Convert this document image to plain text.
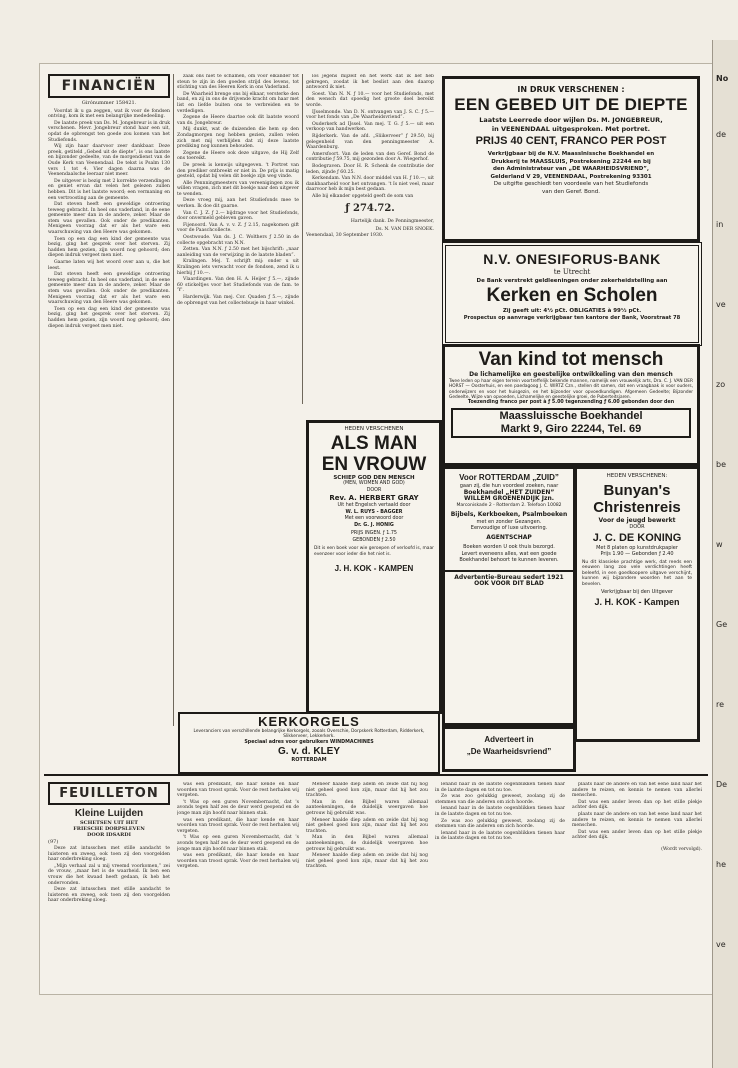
No
de
in
ve
zo
be
w
Ge
re
De
he
ve
FINANCIËN
Girónummer 158421.

Voordat ik u ga zeggen, wat ik voor de fondsen ontving, kom ik met een belangrijke mededeeling.

De laatste preek van Ds. M. Jongebreur is in druk verschenen. Mevr. Jongebreur stond haar een uit, opdat de opbrengst ten goede zou komen van het Studiefonds.

Wij zijn haar daarvoor zeer dankbaar. Deze preek, getiteld „Gebed uit de diepte”, is ons laatste en bijzonder gedeelte, van de morgendienst van de Oude Kerk van Veenendaal. De tekst is Psalm 130 vers 1 tot 4. Vier dagen daarna was de Veenendaalsche leeraar niet meer.

De uitgever is bezig met 2 korrekte verzendingen en geniet ervan dat velen het gelezen zullen hebben. Dit is het laatste woord; een vermaning en een vertroosting aan de gemeente.

Dat steven heeft een geweldige ontroering teweeg gebracht. In heel ons vaderland, in de eene gemeente meer dan in de andere, zeker. Maar de stem was gevallen. Ook onder de predikanten. Menigeen voorzag dat er als het ware een waarschuwing van den Heere was gekomen.

Toen op een dag een kind der gemeente was bezig, ging het gesprek over het sterven. Zij hadden hem gezien, zijn woord nog gehoord; den diepen indruk vergeet men niet.

Gaarne laten wij het woord over aan u, die het leest.

Dat steven heeft een geweldige ontroering teweeg gebracht. In heel ons vaderland, in de eene gemeente meer dan in de andere, zeker. Maar de stem was gevallen. Ook onder de predikanten. Menigeen voorzag dat er als het ware een waarschuwing van den Heere was gekomen.

Toen op een dag een kind der gemeente was bezig, ging het gesprek over het sterven. Zij hadden hem gezien, zijn woord nog gehoord; den diepen indruk vergeet men niet.

zaak ons niet te schamen, om voor elkander tot steun te zijn in den goeden strijd des levens, tot stichting van des Heeren Kerk in ons Vaderland.

De Waarheid brenge ons bij elkaar, versterke den band, en zij in ons de drijvende kracht om haar met list en liefde buiten ons te verbreiden en te verdedigen.

Zegene de Heere daartoe ook dit laatste woord van ds. Jongebreur.

Mij dunkt, wat de duizenden die hem op den Zondagmorgen nog hebben gezien, zullen velen zich met mij verblijden dat zij deze laatste prediking nog kunnen behouden.

Zegene de Heere ook deze uitgave, de Hij Zelf ons toereikt.

De preek is kenwijs uitgegeven. 't Portret van den prediker ontbreekt er niet in. De prijs is matig gesteld, opdat bij velen dit boekje zijn weg vinde.

Alle Pennningmeesters van vereenigingen zou ik willen vragen, zich met dit boekje naar den uitgever te wenden.

Deze vroeg mij, aan het Studiefonds mee te werken. Ik doe dit gaarne.

Van C. J. Z. ƒ 2.— bijdrage voor het Studiefonds, door onvermeld gebleven gaven.

Fijenoord. Van A. v. v. Z. ƒ 2.15, nagekomen gift voor de Paaschcollecte.

Oostwoude. Van ds. J. C. Wolthers ƒ 2.50 in de collecte opgebracht van N.N.

Zetten. Van N.N. ƒ 2.50 met het bijschrift: „naar aanleiding van de verwijzing in de laatste bladen”.

Kralingen. Mej. T. schrijft mij: onder u uit Kralingen iets verwacht voor de fondsen, zend ik u hierbij ƒ 10.—.

Vlaardingen. Van den H. A. Heijer ƒ 5.—, zijnde 60 stickeltjes voor het Studiefonds van de fam. te 'Y'.

Harderwijk. Van mej. Cor. Quaden ƒ 5.—, zijnde de opbrengst van het collectebusje in haar winkel.

los jegens mijzelf en het werk dat ik lief heb gekregen, zoodat ik het beslist aan den daarop antwoord ik niet.

Soest. Van N. N. ƒ 10.— voor het Studiefonds, met den wensch dat spoedig het groote doel bereikt worde.

IJsselmonde. Van D. N. ontvangen van J. S. C. ƒ 5.— voor het fonds van „De Waarheidsvriend”.

Ouderkerk ad IJssel. Van mej. T. G. ƒ 5.— uit een verkoop van handwerken.

Rijderkerk. Van de afd. „Sliikerveer” ƒ 29.50, bij gelegenheid van den penningmeester A. Waardenburg.

Amersfoort. Van de leden van den Geref. Bond de contributie ƒ 59.75, mij gezonden door A. Wiegerhof.

Bodegraven. Door H. R. Schenk de contributie der leden, zijnde ƒ 60.25.

Kerkendam. Van N.N. door middel van H. ƒ 10.—, uit dankbaarheid voor het ontvangen. 't Is niet veel, maar daarvoor heb ik mijn best gedaan.

Alle bij elkander opgeteld geeft de som van

ƒ 274.72.
Hartelijk dank. De Penningmeester,
Ds. N. VAN DER SNOEK.
Veenendaal, 30 September 1930.

IN DRUK VERSCHENEN :

EEN GEBED UIT DE DIEPTE

Laatste Leerrede door wijlen Ds. M. JONGEBREUR,

in VEENENDAAL uitgesproken. Met portret.

PRIJS 40 CENT, FRANCO PER POST

Verkrijgbaar bij de N.V. Maasslnissche Boekhandel en

Drukkerij te MAASSLUIS, Postrekening 22244 en bij

den Administrateur van „DE WAARHEIDSVRIEND”,

Gelderland V 29, VEENENDAAL, Postrekening 93301

De uitgifte geschiedt ten voordeele van het Studiefonds

van den Geref. Bond.

N.V. ONESIFORUS-BANK

te Utrecht

De Bank verstrekt geldleeningen onder zekerheidstelling aan

Kerken en Scholen

Zij geeft uit: 4½ pCt. OBLIGATIES à 99½ pCt.

Prospectus op aanvrage verkrijgbaar ten kantore der Bank, Voorstraat 78

Van kind tot mensch

De lichamelijke en geestelijke ontwikkeling van den mensch

Twee leden op haar eigen terrein voortreffelijk bekende mannen, namelijk een vrouwelijk arts, Dra. C. J. VAN DER HORST — Oosterhuis, en een paedagoog J. C. WIRTZ Czn., stellen dit samen, dat een vraagbaak is voor ouders, onderwijzers en voor het huisgezin, en het bijzonder voor opvoedkundigen. Afgemeen Gedeelte; Bijzonder Gedeelte, Wijze van opvoeden, Lichamelijke en geestelijke groei, de Puberteitsjaren.

Toezending franco per post à ƒ 5.00 tegenzending ƒ 6.00 gebonden door den

Maassluissche Boekhandel

Markt 9, Giro 22244, Tel. 69

Voor ROTTERDAM „ZUID”

gaan zij, die hun voordeel zoeken, naar

Boekhandel „HET ZUIDEN”

WILLEM GROENENDIJK Jzn.

Marconiskade 2 - Rotterdam 2. Telefoon 10082

Bijbels, Kerkboeken, Psalmboeken

met en zonder Gezangen.

Eenvoudige of luxe uitvoering.

AGENTSCHAP

Boeken worden U ook thuis bezorgd.

Levert eveneens alles, wat een goede

Boekhandel behoort te kunnen leveren.

Advertentie-Bureau sedert 1921

OOK VOOR DIT BLAD

HEDEN VERSCHENEN:

Bunyan's

Christenreis

Voor de jeugd bewerkt

DOOR

J. C. DE KONING

Met 8 platen op kunstdrukpapier

Prijs 1.90 — Gebonden ƒ 2.40

Nu dit klassieke prachtige werk, dat reeds een eeuwen lang zoo vele verdichtingen heeft beleefd, in een goedkoopere uitgave verschijnt, kunnen wij bijzondere woorden het aan te bevelen.

Verkrijgbaar bij den Uitgever

J. H. KOK - Kampen

HEDEN VERSCHENEN

ALS MAN

EN VROUW

SCHIEP GOD DEN MENSCH

(MEN, WOMEN AND GOD)

DOOR

Rev. A. HERBERT GRAY

Uit het Engelsch vertaald door

W. L. RUYS - BAGGER

Met een voorwoord door

Dr. G. J. HONIG

PRIJS INGEN. ƒ 1.75

GEBONDEN ƒ 2.50

Dit is een boek voor wie geroepen of verloofd is, maar evenzeer voor ieder die het niet is.

J. H. KOK - KAMPEN

KERKORGELS

Leveranciers van verschillende belangrijke Kerkorgels, zooals Overschie, Dorpskerk Rotterdam, Ridderkerk, Slikkerveer, Lekkerkerk.

Speciaal adres voor gebruikers WINDMACHINES

G. v. d. KLEY

ROTTERDAM

Adverteert in

„De Waarheidsvriend”

FEUILLETON
Kleine Luijden
SCHETSEN UIT HET
FRIESCHE DORPSLEVEN
DOOR IDSARDI
(97)

Deze zat intusschen met stille aandacht te luisteren en zweeg, ook toen zij den voorgelden haar onderbreking sloeg.

„Mijn verhaal zal u mij vreemd voorkomen,” zei de vrouw, „maar het is de waarheid. Ik ben een vrouw die het kwaad heeft gedaan, ik heb het ondervonden.

Deze zat intusschen met stille aandacht te luisteren en zweeg, ook toen zij den voorgelden haar onderbreking sloeg.

was een predikant, die haar kende en haar woorden van troost sprak. Voor de rest herhalen wij vergeten.

't Was op een guren Novembernacht, dat 's avonds tegen half zes de deur werd geopend en de jonge man zijn hoofd naar binnen stak.

was een predikant, die haar kende en haar woorden van troost sprak. Voor de rest herhalen wij vergeten.

't Was op een guren Novembernacht, dat 's avonds tegen half zes de deur werd geopend en de jonge man zijn hoofd naar binnen stak.

was een predikant, die haar kende en haar woorden van troost sprak. Voor de rest herhalen wij vergeten.

Meneer haalde diep adem en zeide dat hij nog niet geheel goed kon zijn, maar dat hij het zou trachten.

Man in den Bijbel waren allemaal aanteekeningen, de duidelijk weergaven hoe getrouw hij gebruikt was.

Meneer haalde diep adem en zeide dat hij nog niet geheel goed kon zijn, maar dat hij het zou trachten.

Man in den Bijbel waren allemaal aanteekeningen, de duidelijk weergaven hoe getrouw hij gebruikt was.

Meneer haalde diep adem en zeide dat hij nog niet geheel goed kon zijn, maar dat hij het zou trachten.

lenand haar in de laatste oogenblikken tienen haar in de laatste dagen en tot nu toe.

Ze was zoo gelukkig geweest, zoolang zij de stemmen van die anderen om zich hoorde.

lenand haar in de laatste oogenblikken tienen haar in de laatste dagen en tot nu toe.

Ze was zoo gelukkig geweest, zoolang zij de stemmen van die anderen om zich hoorde.

lenand haar in de laatste oogenblikken tienen haar in de laatste dagen en tot nu toe.

plaats naar de andere en van het eene land naar het andere te reizen, en kennis te nemen van allerlei menschen.

Dat was een ander leven dan op het stille plekje achter den dijk.

plaats naar de andere en van het eene land naar het andere te reizen, en kennis te nemen van allerlei menschen.

Dat was een ander leven dan op het stille plekje achter den dijk.

(Wordt vervolgd).
